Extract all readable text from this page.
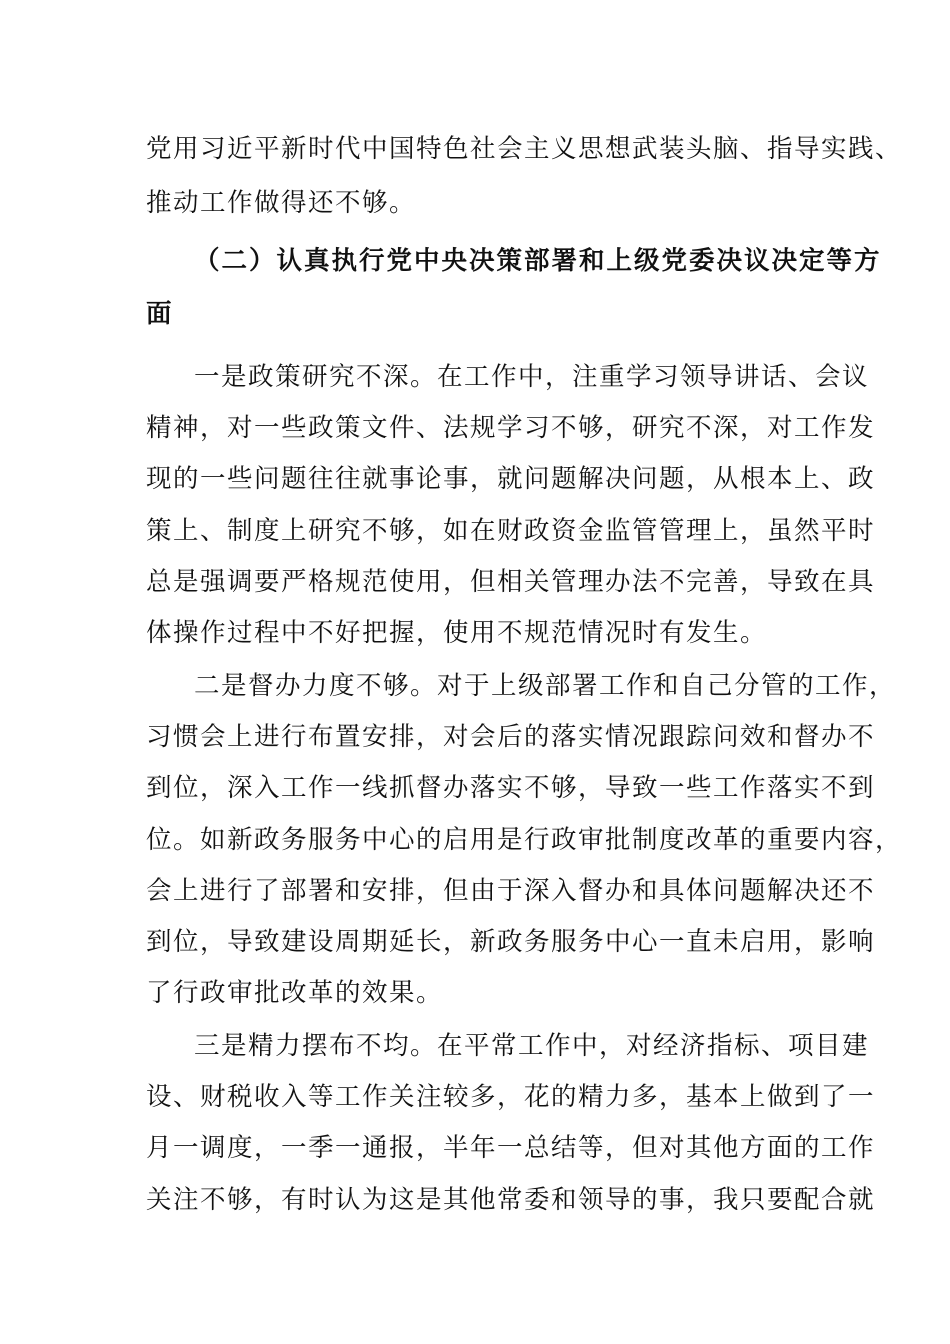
党用习近平新时代中国特色社会主义思想武装头脑、指导实践、
推动工作做得还不够。
（二）认真执行党中央决策部署和上级党委决议决定等方
面
一是政策研究不深。在工作中，注重学习领导讲话、会议
精神，对一些政策文件、法规学习不够，研究不深，对工作发
现的一些问题往往就事论事，就问题解决问题，从根本上、政
策上、制度上研究不够，如在财政资金监管管理上，虽然平时
总是强调要严格规范使用，但相关管理办法不完善，导致在具
体操作过程中不好把握，使用不规范情况时有发生。
二是督办力度不够。对于上级部署工作和自己分管的工作，
习惯会上进行布置安排，对会后的落实情况跟踪问效和督办不
到位，深入工作一线抓督办落实不够，导致一些工作落实不到
位。如新政务服务中心的启用是行政审批制度改革的重要内容，
会上进行了部署和安排，但由于深入督办和具体问题解决还不
到位，导致建设周期延长，新政务服务中心一直未启用，影响
了行政审批改革的效果。
三是精力摆布不均。在平常工作中，对经济指标、项目建
设、财税收入等工作关注较多，花的精力多，基本上做到了一
月一调度，一季一通报，半年一总结等，但对其他方面的工作
关注不够，有时认为这是其他常委和领导的事，我只要配合就
